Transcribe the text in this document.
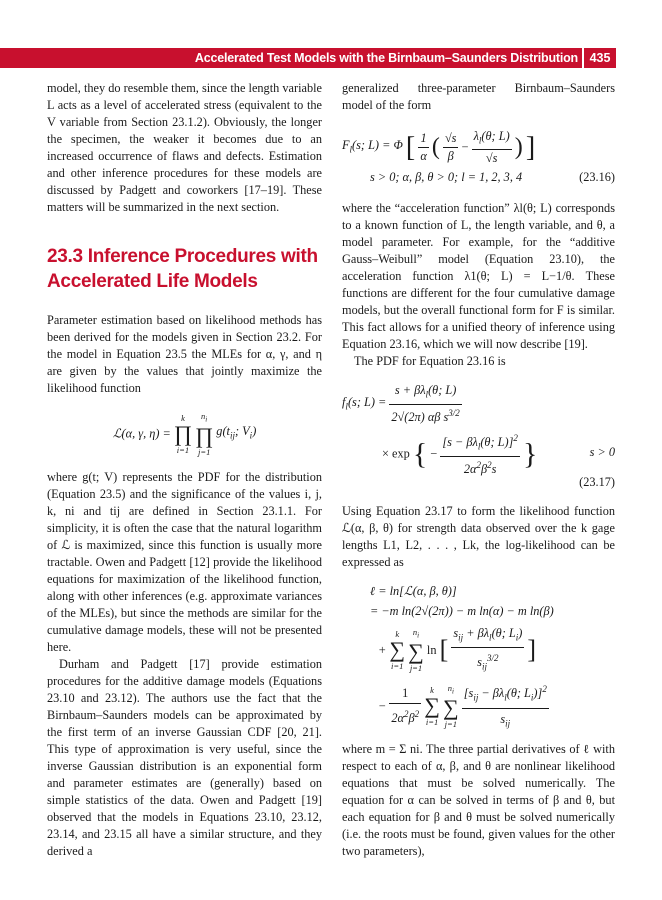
Accelerated Test Models with the Birnbaum–Saunders Distribution 435

model, they do resemble them, since the length variable L acts as a level of accelerated stress (equivalent to the V variable from Section 23.1.2). Obviously, the longer the specimen, the weaker it becomes due to an increased occurrence of flaws and defects. Estimation and other inference procedures for these models are discussed by Padgett and coworkers [17–19]. These matters will be summarized in the next section.

23.3 Inference Procedures with Accelerated Life Models

Parameter estimation based on likelihood methods has been derived for the models given in Section 23.2. For the model in Equation 23.5 the MLEs for α, γ, and η are given by the values that jointly maximize the likelihood function

ℒ(α, γ, η) =
k
∏
i=1

$n_i$
∏
j=1
$g(t_{ij}$; $V_i$)

where g(t; V) represents the PDF for the distribution (Equation 23.5) and the significance of the values i, j, k, ni and tij are defined in Section 23.1.1. For simplicity, it is often the case that the natural logarithm of ℒ is maximized, since this function is usually more tractable. Owen and Padgett [12] provide the likelihood equations for maximization of the likelihood function, along with other inferences (e.g. approximate variances of the MLEs), but since the methods are similar for the cumulative damage models, these will not be presented here.

Durham and Padgett [17] provide estimation procedures for the additive damage models (Equations 23.10 and 23.12). The authors use the fact that the Birnbaum–Saunders models can be approximated by the first term of an inverse Gaussian CDF [20, 21]. This type of approximation is very useful, since the inverse Gaussian distribution is an exponential form and parameter estimates are (generally) based on simple statistics of the data. Owen and Padgett [19] observed that the models in Equations 23.10, 23.12, 23.14, and 23.15 all have a similar structure, and they derived a

generalized three-parameter Birnbaum–Saunders model of the form

$F_l(s$; L) = Φ [ $\frac{1}{\alpha}$ ( $\frac{√s}{\beta} - \frac{\lambda_l(\theta; L)}{√s}$ ) ]
s > 0; α, β, θ > 0; l = 1, 2, 3, 4	(23.16)

where the “acceleration function” λl(θ; L) corresponds to a known function of L, the length variable, and θ, a model parameter. For example, for the “additive Gauss–Weibull” model (Equation 23.10), the acceleration function λ1(θ; L) = L−1/θ. These functions are different for the four cumulative damage models, but the overall functional form for F is similar. This fact allows for a unified theory of inference using Equation 23.16, which we will now describe [19].

The PDF for Equation 23.16 is

$f_l(s$; $L) = \frac{s + \beta\lambda_l(\theta; L)}{2√(2\pi) \alpha\beta s^{3/2}}$
× exp { − $\frac{[s - \beta\lambda_l(\theta; L)]^2}{2\alpha^2\beta^2s}$ }	s > 0
(23.17)

Using Equation 23.17 to form the likelihood function ℒ(α, β, θ) for strength data observed over the k gage lengths L1, L2, . . . , Lk, the log-likelihood can be expressed as

ℓ = ln[ℒ(α, β, θ)]
= −m ln(2√(2π)) − m ln(α) − m ln(β)
+
k
∑
i=1

$n_i$
∑
j=1
ln [ $\frac{s_{ij} + \beta\lambda_l(\theta; L_i)}{s_{ij}^{3/2}}$ ]
− $\frac{1}{2\alpha^2\beta^2}$
	k
∑
i=1

$n_i$
∑
j=1
$\frac{[s_{ij} - \beta\lambda_l(\theta; L_i)]^2}{s_{ij}}$

where m = Σ ni. The three partial derivatives of ℓ with respect to each of α, β, and θ are nonlinear likelihood equations that must be solved numerically. The equation for α can be solved in terms of β and θ, but each equation for β and θ must be solved numerically (i.e. the roots must be found, given values for the other two parameters),
